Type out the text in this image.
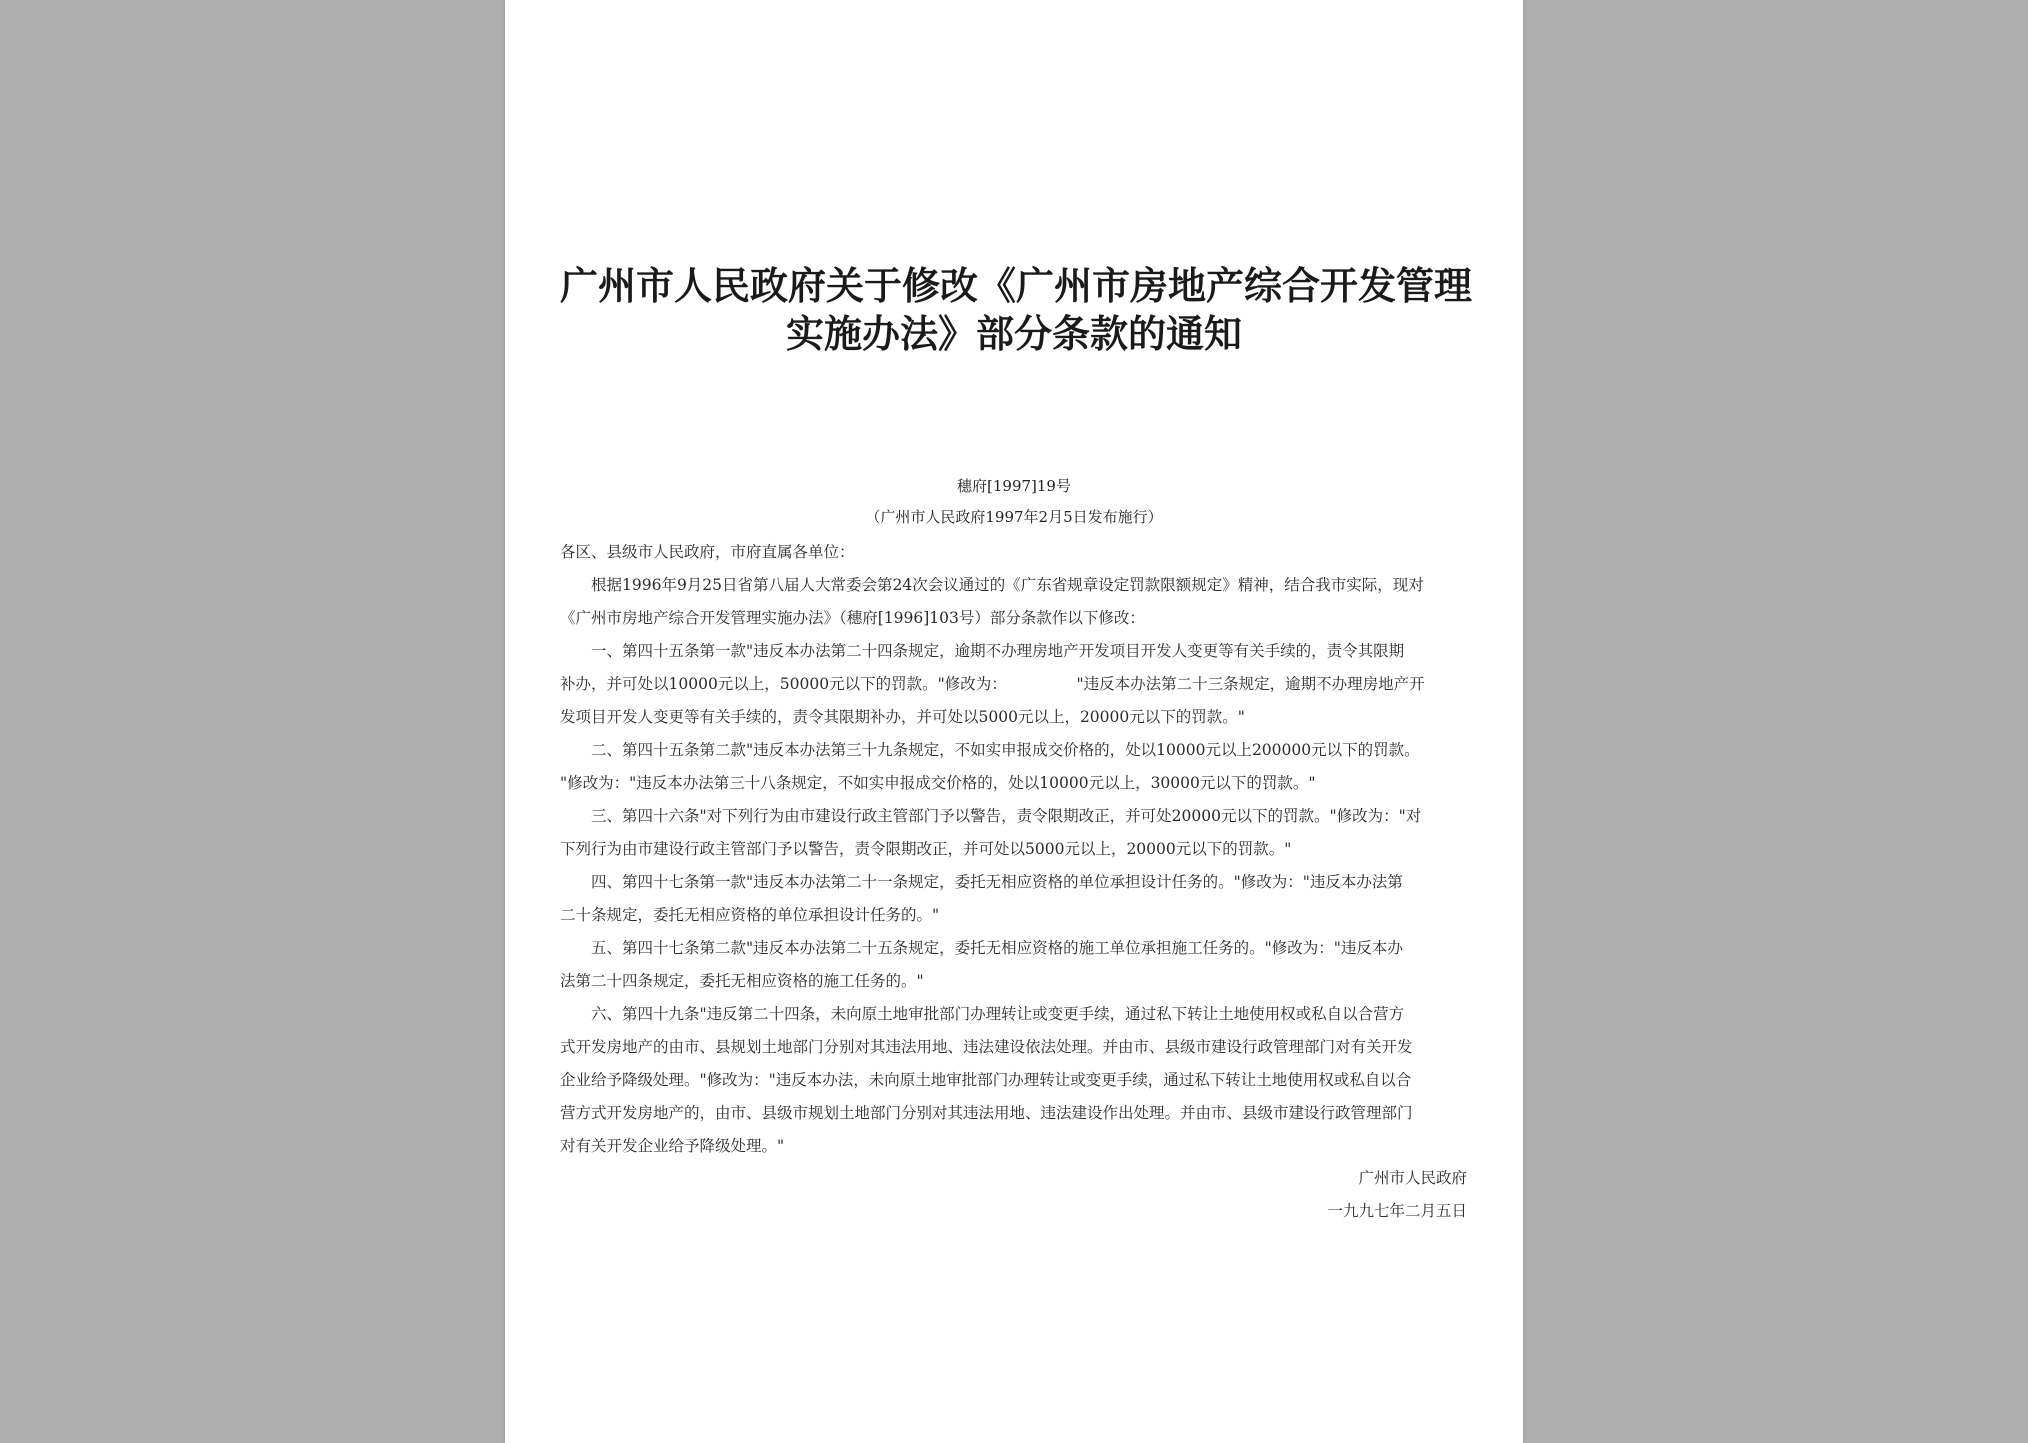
广州市人民政府关于修改《广州市房地产综合开发管理
实施办法》部分条款的通知
穗府[1997]19号
（广州市人民政府1997年2月5日发布施行）
各区、县级市人民政府，市府直属各单位：
根据1996年9月25日省第八届人大常委会第24次会议通过的《广东省规章设定罚款限额规定》精神，结合我市实际，现对
《广州市房地产综合开发管理实施办法》（穗府[1996]103号）部分条款作以下修改：
一、第四十五条第一款"违反本办法第二十四条规定，逾期不办理房地产开发项目开发人变更等有关手续的，责令其限期
补办，并可处以10000元以上，50000元以下的罚款。"修改为：　　　　　"违反本办法第二十三条规定，逾期不办理房地产开
发项目开发人变更等有关手续的，责令其限期补办，并可处以5000元以上，20000元以下的罚款。"
二、第四十五条第二款"违反本办法第三十九条规定，不如实申报成交价格的，处以10000元以上200000元以下的罚款。
"修改为："违反本办法第三十八条规定，不如实申报成交价格的，处以10000元以上，30000元以下的罚款。"
三、第四十六条"对下列行为由市建设行政主管部门予以警告，责令限期改正，并可处20000元以下的罚款。"修改为："对
下列行为由市建设行政主管部门予以警告，责令限期改正，并可处以5000元以上，20000元以下的罚款。"
四、第四十七条第一款"违反本办法第二十一条规定，委托无相应资格的单位承担设计任务的。"修改为："违反本办法第
二十条规定，委托无相应资格的单位承担设计任务的。"
五、第四十七条第二款"违反本办法第二十五条规定，委托无相应资格的施工单位承担施工任务的。"修改为："违反本办
法第二十四条规定，委托无相应资格的施工任务的。"
六、第四十九条"违反第二十四条，未向原土地审批部门办理转让或变更手续，通过私下转让土地使用权或私自以合营方
式开发房地产的由市、县规划土地部门分别对其违法用地、违法建设依法处理。并由市、县级市建设行政管理部门对有关开发
企业给予降级处理。"修改为："违反本办法，未向原土地审批部门办理转让或变更手续，通过私下转让土地使用权或私自以合
营方式开发房地产的，由市、县级市规划土地部门分别对其违法用地、违法建设作出处理。并由市、县级市建设行政管理部门
对有关开发企业给予降级处理。"
广州市人民政府
一九九七年二月五日
